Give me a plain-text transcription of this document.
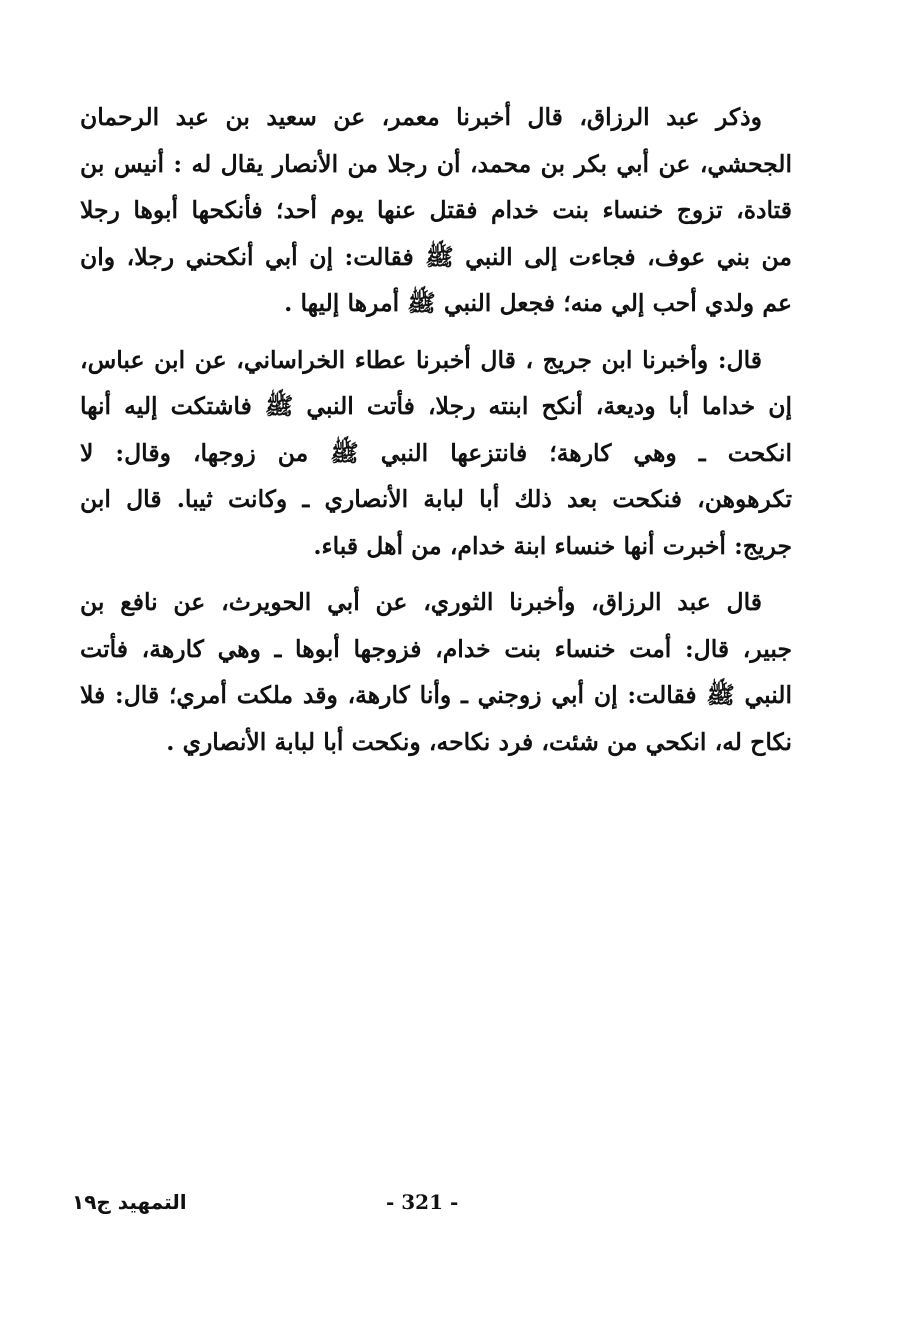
وذكر عبد الرزاق، قال أخبرنا معمر، عن سعيد بن عبد الرحمان
الجحشي، عن أبي بكر بن محمد، أن رجلا من الأنصار يقال له : أنيس بن
قتادة، تزوج خنساء بنت خدام فقتل عنها يوم أحد؛ فأنكحها أبوها رجلا
من بني عوف، فجاءت إلى النبي ﷺ فقالت: إن أبي أنكحني رجلا، وان
عم ولدي أحب إلي منه؛ فجعل النبي ﷺ أمرها إليها .

قال: وأخبرنا ابن جريج ، قال أخبرنا عطاء الخراساني، عن ابن عباس،
إن خداما أبا وديعة، أنكح ابنته رجلا، فأتت النبي ﷺ فاشتكت إليه أنها
انكحت ـ وهي كارهة؛ فانتزعها النبي ﷺ من زوجها، وقال: لا
تكرهوهن، فنكحت بعد ذلك أبا لبابة الأنصاري ـ وكانت ثيبا. قال ابن
جريج: أخبرت أنها خنساء ابنة خدام، من أهل قباء.

قال عبد الرزاق، وأخبرنا الثوري، عن أبي الحويرث، عن نافع بن
جبير، قال: أمت خنساء بنت خدام، فزوجها أبوها ـ وهي كارهة، فأتت
النبي ﷺ فقالت: إن أبي زوجني ـ وأنا كارهة، وقد ملكت أمري؛ قال: فلا
نكاح له، انكحي من شئت، فرد نكاحه، ونكحت أبا لبابة الأنصاري .

التمهيد ج١٩	- 321 -
